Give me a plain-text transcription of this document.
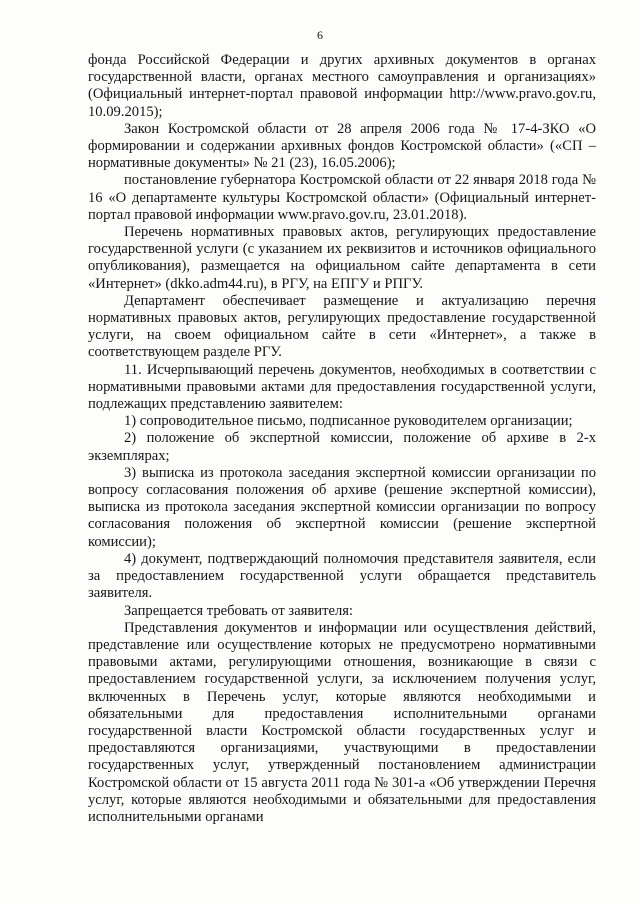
6

фонда Российской Федерации и других архивных документов в органах государственной власти, органах местного самоуправления и организациях» (Официальный интернет-портал правовой информации http://www.pravo.gov.ru, 10.09.2015);

Закон Костромской области от 28 апреля 2006 года № 17-4-ЗКО «О формировании и содержании архивных фондов Костромской области» («СП – нормативные документы» № 21 (23), 16.05.2006);

постановление губернатора Костромской области от 22 января 2018 года № 16 «О департаменте культуры Костромской области» (Официальный интернет-портал правовой информации www.pravo.gov.ru, 23.01.2018).

Перечень нормативных правовых актов, регулирующих предоставление государственной услуги (с указанием их реквизитов и источников официального опубликования), размещается на официальном сайте департамента в сети «Интернет» (dkko.adm44.ru), в РГУ, на ЕПГУ и РПГУ.

Департамент обеспечивает размещение и актуализацию перечня нормативных правовых актов, регулирующих предоставление государственной услуги, на своем официальном сайте в сети «Интернет», а также в соответствующем разделе РГУ.

11. Исчерпывающий перечень документов, необходимых в соответствии с нормативными правовыми актами для предоставления государственной услуги, подлежащих представлению заявителем:

1) сопроводительное письмо, подписанное руководителем организации;

2) положение об экспертной комиссии, положение об архиве в 2-х экземплярах;

3) выписка из протокола заседания экспертной комиссии организации по вопросу согласования положения об архиве (решение экспертной комиссии), выписка из протокола заседания экспертной комиссии организации по вопросу согласования положения об экспертной комиссии (решение экспертной комиссии);

4) документ, подтверждающий полномочия представителя заявителя, если за предоставлением государственной услуги обращается представитель заявителя.

Запрещается требовать от заявителя:

Представления документов и информации или осуществления действий, представление или осуществление которых не предусмотрено нормативными правовыми актами, регулирующими отношения, возникающие в связи с предоставлением государственной услуги, за исключением получения услуг, включенных в Перечень услуг, которые являются необходимыми и обязательными для предоставления исполнительными органами государственной власти Костромской области государственных услуг и предоставляются организациями, участвующими в предоставлении государственных услуг, утвержденный постановлением администрации Костромской области от 15 августа 2011 года № 301-а «Об утверждении Перечня услуг, которые являются необходимыми и обязательными для предоставления исполнительными органами
